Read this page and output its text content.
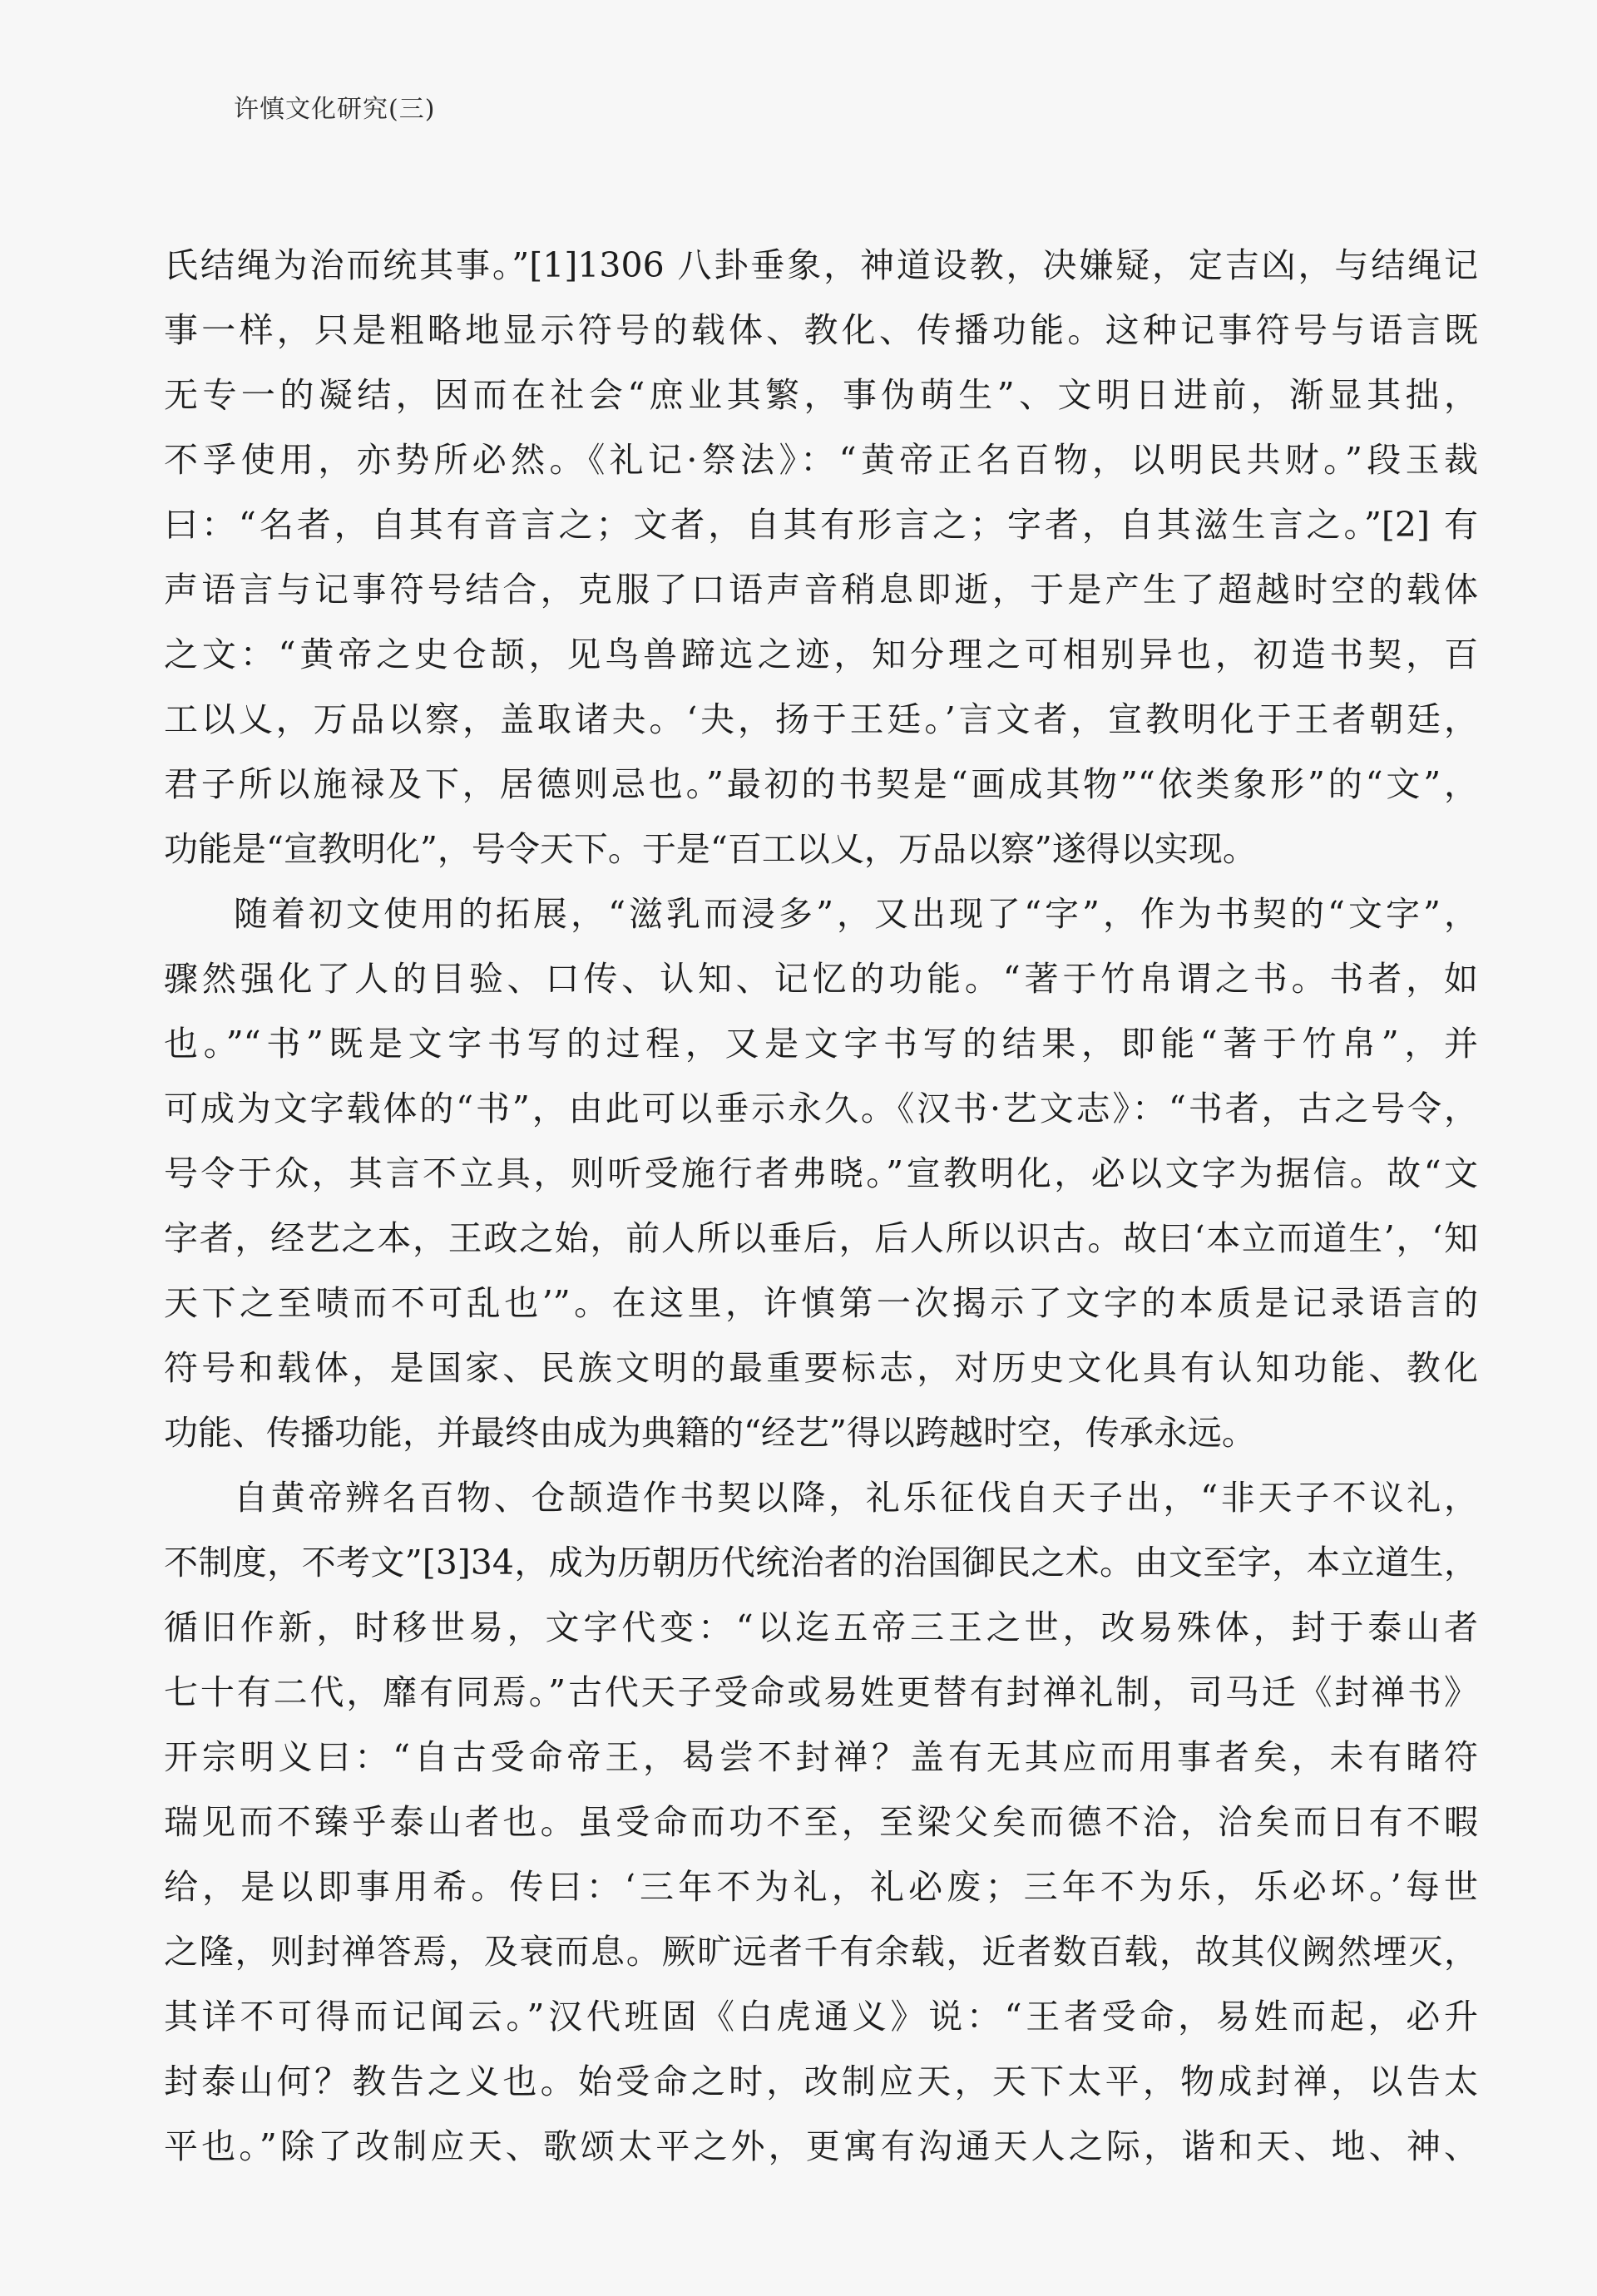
许慎文化研究(三)
氏结绳为治而统其事。”[1]1306 八卦垂象，神道设教，决嫌疑，定吉凶，与结绳记
事一样，只是粗略地显示符号的载体、教化、传播功能。这种记事符号与语言既
无专一的凝结，因而在社会“庶业其繁，事伪萌生”、文明日进前，渐显其拙，
不孚使用，亦势所必然。《礼记·祭法》：“黄帝正名百物，以明民共财。”段玉裁
曰：“名者，自其有音言之；文者，自其有形言之；字者，自其滋生言之。”[2] 有
声语言与记事符号结合，克服了口语声音稍息即逝，于是产生了超越时空的载体
之文：“黄帝之史仓颉，见鸟兽蹄迒之迹，知分理之可相别异也，初造书契，百
工以乂，万品以察，盖取诸夬。‘夬，扬于王廷。’言文者，宣教明化于王者朝廷，
君子所以施禄及下，居德则忌也。”最初的书契是“画成其物”“依类象形”的“文”，
功能是“宣教明化”，号令天下。于是“百工以乂，万品以察”遂得以实现。
随着初文使用的拓展，“滋乳而浸多”，又出现了“字”，作为书契的“文字”，
骤然强化了人的目验、口传、认知、记忆的功能。“著于竹帛谓之书。书者，如
也。”“书”既是文字书写的过程，又是文字书写的结果，即能“著于竹帛”，并
可成为文字载体的“书”，由此可以垂示永久。《汉书·艺文志》：“书者，古之号令，
号令于众，其言不立具，则听受施行者弗晓。”宣教明化，必以文字为据信。故“文
字者，经艺之本，王政之始，前人所以垂后，后人所以识古。故曰‘本立而道生’，‘知
天下之至啧而不可乱也’”。在这里，许慎第一次揭示了文字的本质是记录语言的
符号和载体，是国家、民族文明的最重要标志，对历史文化具有认知功能、教化
功能、传播功能，并最终由成为典籍的“经艺”得以跨越时空，传承永远。
自黄帝辨名百物、仓颉造作书契以降，礼乐征伐自天子出，“非天子不议礼，
不制度，不考文”[3]34，成为历朝历代统治者的治国御民之术。由文至字，本立道生，
循旧作新，时移世易，文字代变：“以迄五帝三王之世，改易殊体，封于泰山者
七十有二代，靡有同焉。”古代天子受命或易姓更替有封禅礼制，司马迁《封禅书》
开宗明义曰：“自古受命帝王，曷尝不封禅？盖有无其应而用事者矣，未有睹符
瑞见而不臻乎泰山者也。虽受命而功不至，至梁父矣而德不洽，洽矣而日有不暇
给，是以即事用希。传曰：‘三年不为礼，礼必废；三年不为乐，乐必坏。’每世
之隆，则封禅答焉，及衰而息。厥旷远者千有余载，近者数百载，故其仪阙然堙灭，
其详不可得而记闻云。”汉代班固《白虎通义》说：“王者受命，易姓而起，必升
封泰山何？教告之义也。始受命之时，改制应天，天下太平，物成封禅，以告太
平也。”除了改制应天、歌颂太平之外，更寓有沟通天人之际，谐和天、地、神、
